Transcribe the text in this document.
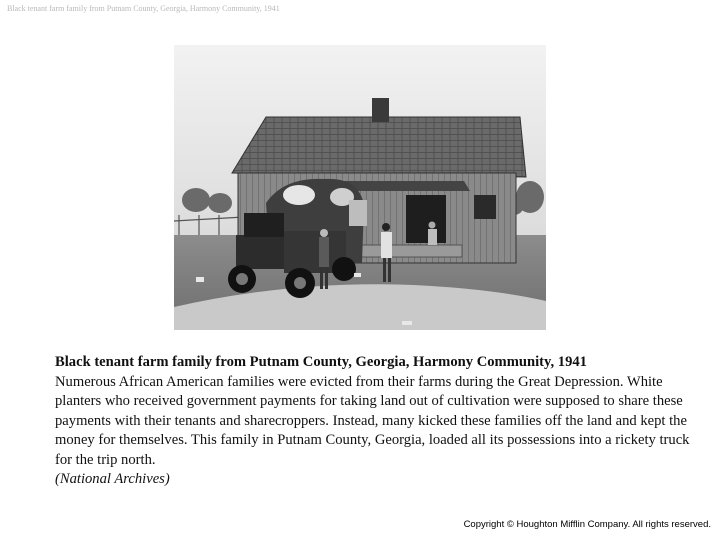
Black tenant farm family from Putnam County, Georgia, Harmony Community, 1941
Black tenant farm family from Putnam County, Georgia, Harmony Community, 1941
Numerous African American families were evicted from their farms during the Great Depression. White planters who received government payments for taking land out of cultivation were supposed to share these payments with their tenants and sharecroppers. Instead, many kicked these families off the land and kept the money for themselves. This family in Putnam County, Georgia, loaded all its possessions into a rickety truck for the trip north.
(National Archives)
Copyright © Houghton Mifflin Company. All rights reserved.
